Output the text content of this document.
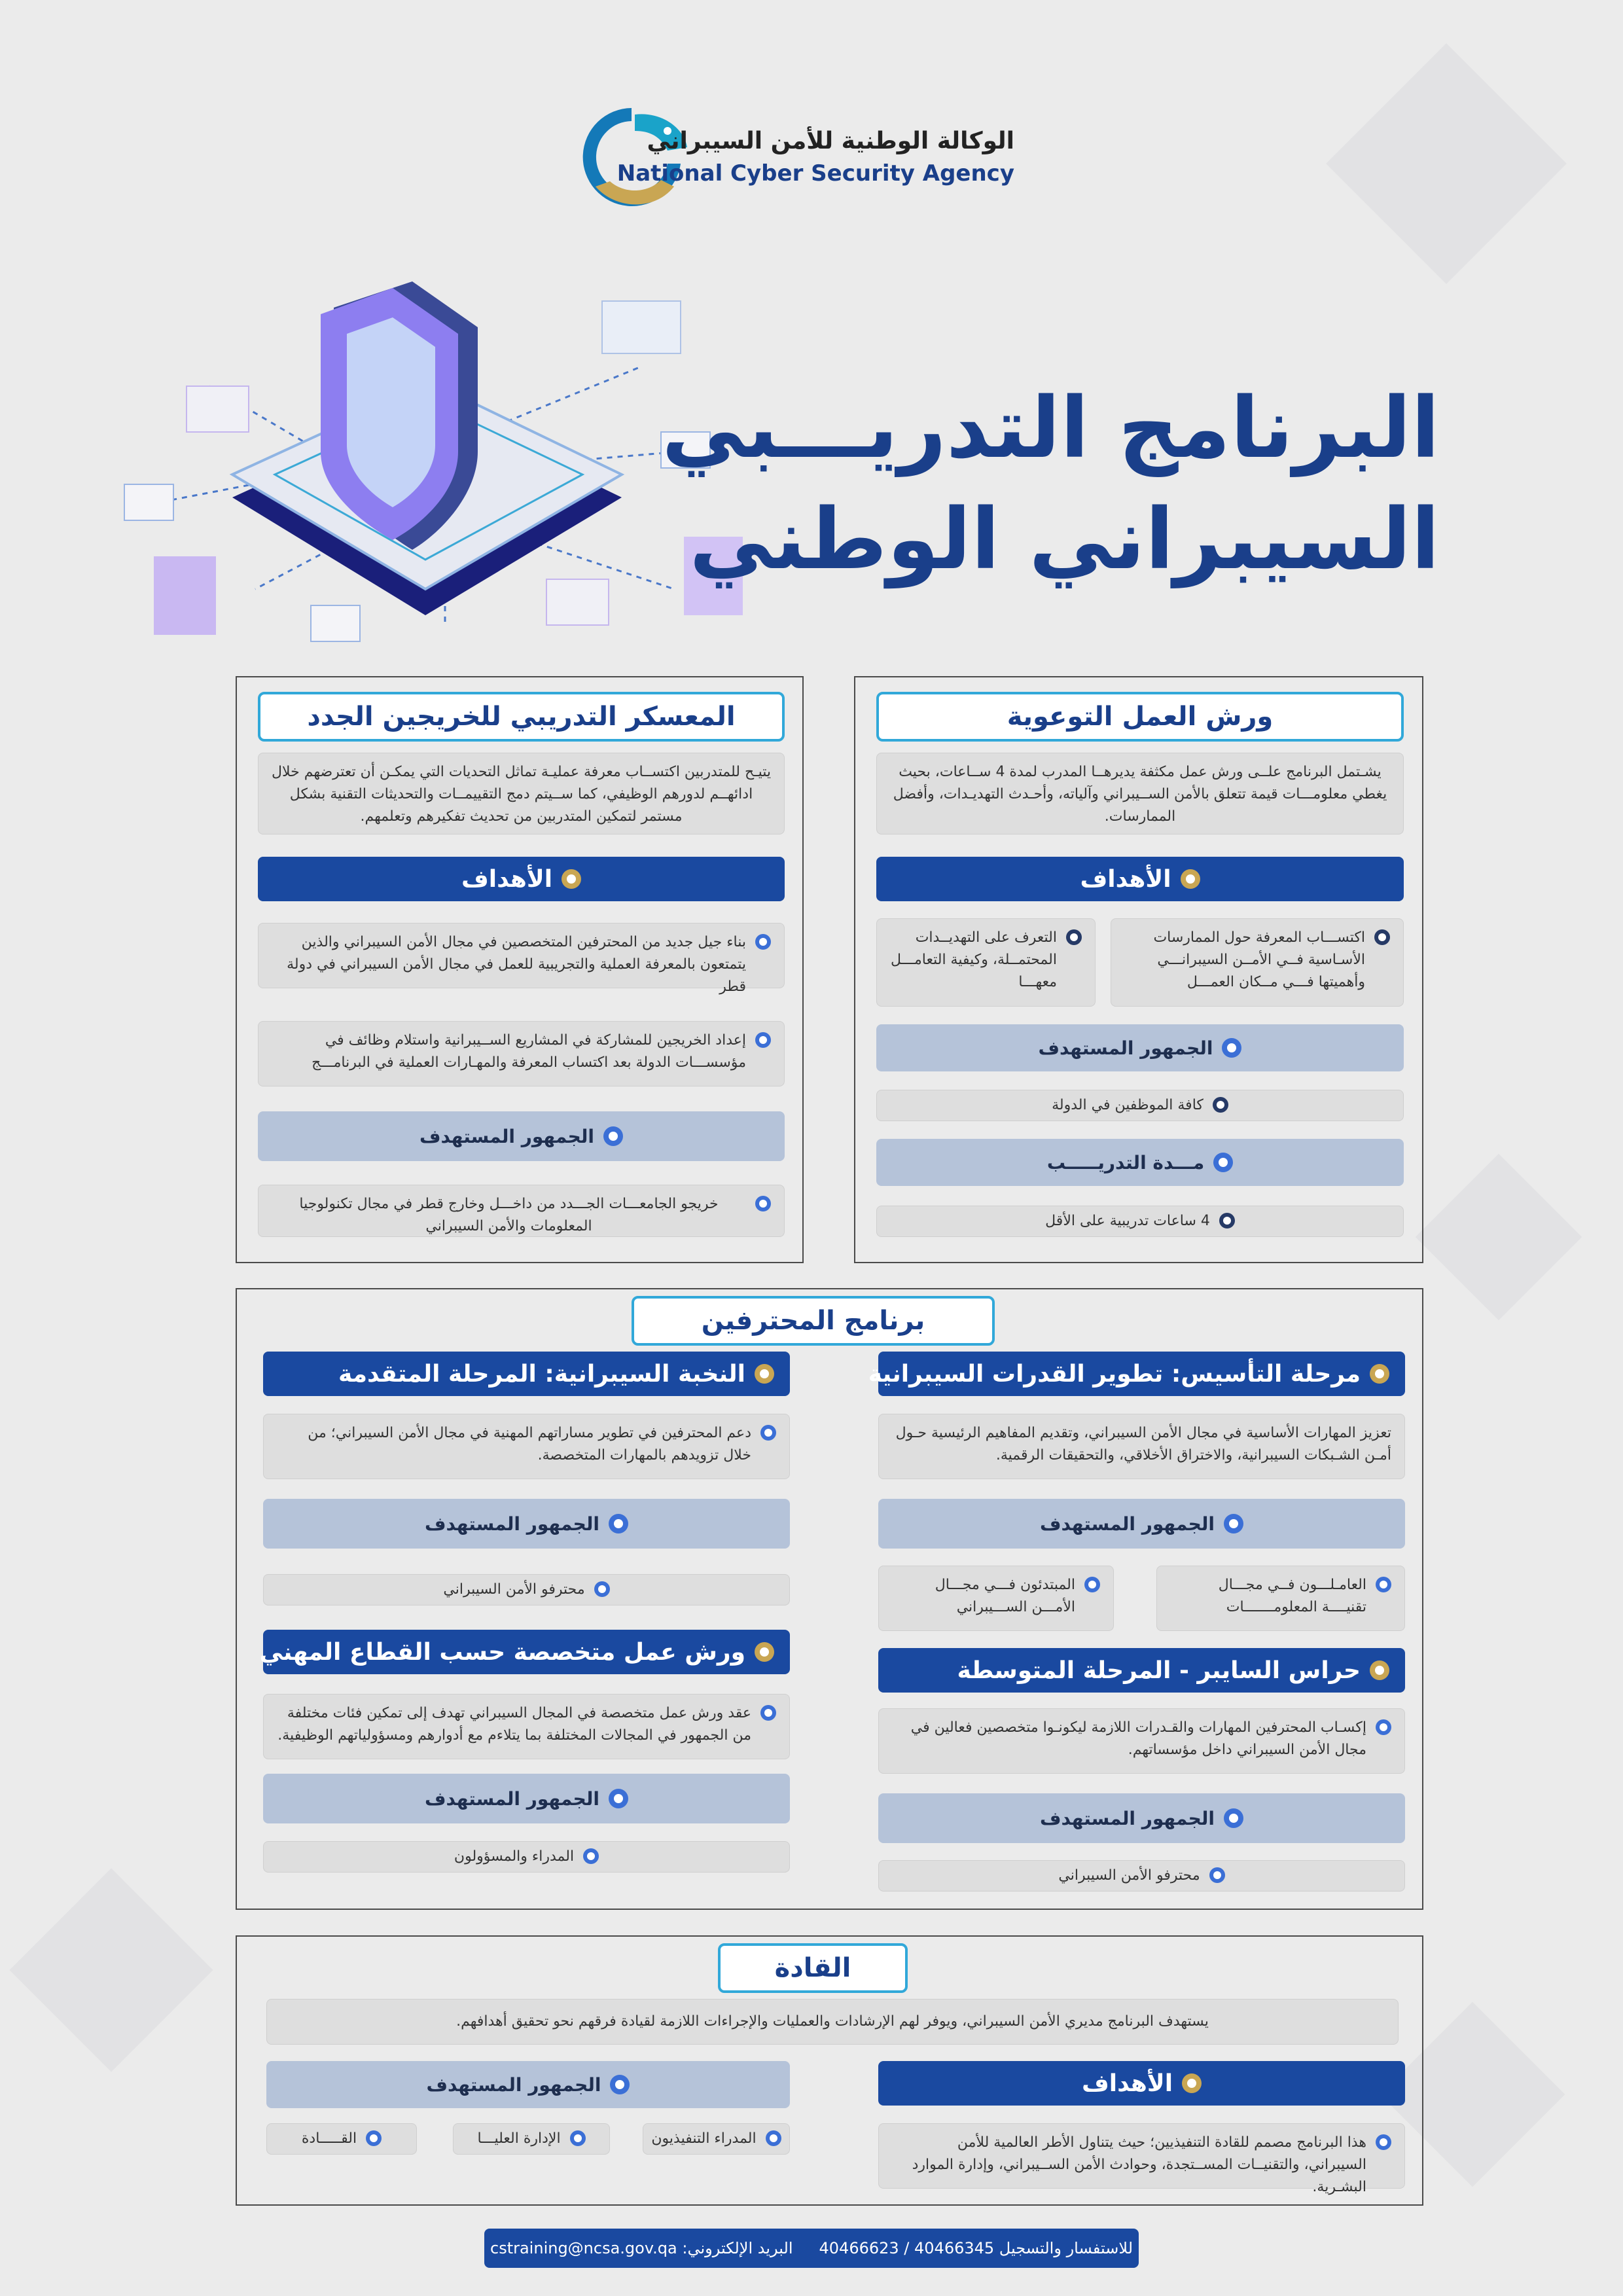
الوكالة الوطنية للأمن السيبراني
National Cyber Security Agency
البرنامج التدريـــبي
السيبراني الوطني
ورش العمل التوعوية
يشـتمل البرنامج علــى ورش عمل مكثفة يديرهــا المدرب لمدة 4 ســاعات، بحيث يغطي معلومـــات قيمة تتعلق بالأمن الســيبراني وآلياته، وأحـدث التهديـدات، وأفضل الممارسات.
الأهداف
اكتســـاب المعرفة حول الممارسات الأسـاسية فــي الأمــن السيبرانـــي وأهميتها فـــي مــكان العمـــل
التعرف على التهديــدات المحتمــلة، وكيفية التعامـــل معهـــا
الجمهور المستهدف
كافة الموظفين في الدولة
مـــدة التدريـــــب
4 ساعات تدريبية على الأقل
المعسكر التدريبي للخريجين الجدد
يتيـح للمتدربين اكتســاب معرفة عمليـة تماثل التحديات التي يمكـن أن تعترضهم خلال ادائهــم لدورهم الوظيفي، كما ســيتم دمج التقييمــات والتحديثات التقنية بشكل مستمر لتمكين المتدربين من تحديث تفكيرهم وتعلمهم.
الأهداف
بناء جيل جديد من المحترفين المتخصصين في مجال الأمن السيبراني والذين يتمتعون بالمعرفة العملية والتجريبية للعمل في مجال الأمن السيبراني في دولة قطر
إعداد الخريجين للمشاركة في المشاريع الســيبرانية واستلام وظائف في مؤسســـات الدولة بعد اكتساب المعرفة والمهـارات العملية في البرنامـــج
الجمهور المستهدف
خريجو الجامعـــات الجـــدد من داخـــل وخارج قطر في مجال تكنولوجيا المعلومات والأمن السيبراني
برنامج المحترفين
مرحلة التأسيس: تطوير القدرات السيبرانية
تعزيز المهارات الأساسية في مجال الأمن السيبراني، وتقديم المفاهيم الرئيسية حـول أمـن الشـبكات السيبرانية، والاختراق الأخلاقي، والتحقيقات الرقمية.
الجمهور المستهدف
العامـلـــون فــي مجـــال تقنيــــة المعلومـــــــات
المبتدئون فـــي مجـــال الأمـــن الســـيبراني
حراس السايبر - المرحلة المتوسطة
إكسـاب المحترفين المهارات والقـدرات اللازمة ليكونـوا متخصصين فعالين في مجال الأمن السيبراني داخل مؤسساتهم.
الجمهور المستهدف
محترفو الأمن السيبراني
النخبة السيبرانية: المرحلة المتقدمة
دعم المحترفين في تطوير مساراتهم المهنية في مجال الأمن السيبراني؛ من خلال تزويدهم بالمهارات المتخصصة.
الجمهور المستهدف
محترفو الأمن السيبراني
ورش عمل متخصصة حسب القطاع المهني
عقد ورش عمل متخصصة في المجال السيبراني تهدف إلى تمكين فئات مختلفة من الجمهور في المجالات المختلفة بما يتلاءم مع أدوارهم ومسؤولياتهم الوظيفية.
الجمهور المستهدف
المدراء والمسؤولون
القادة
يستهدف البرنامج مديري الأمن السيبراني، ويوفر لهم الإرشادات والعمليات والإجراءات اللازمة لقيادة فرقهم نحو تحقيق أهدافهم.
الأهداف
هذا البرنامج مصمم للقادة التنفيذيين؛ حيث يتناول الأطر العالمية للأمن السيبراني، والتقنيــات المســتجدة، وحوادث الأمن الســيبراني، وإدارة الموارد البشـرية.
الجمهور المستهدف
المدراء التنفيذيون
الإدارة العليـــا
القـــــادة
للاستفسار والتسجيل 40466345 / 40466623
البريد الإلكتروني: cstraining@ncsa.gov.qa
